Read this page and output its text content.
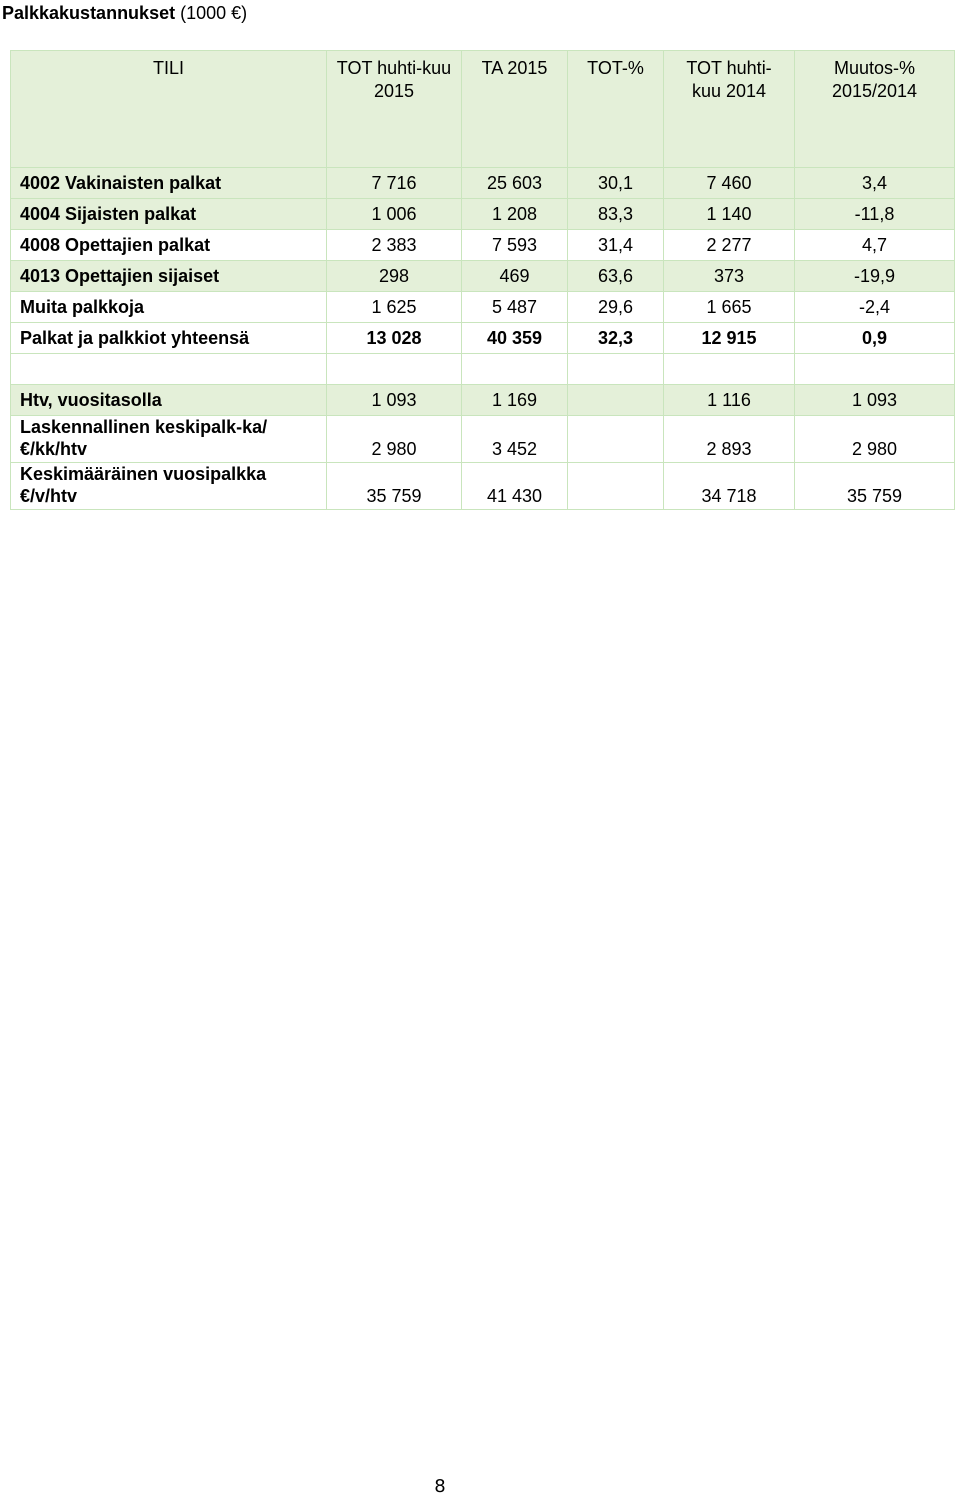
Palkkakustannukset (1000 €)
TILI	TOT huhti-kuu 2015	TA 2015	TOT-%	TOT huhti-kuu 2014	Muutos-% 2015/2014
4002 Vakinaisten palkat	7 716	25 603	30,1	7 460	3,4
4004 Sijaisten palkat	1 006	1 208	83,3	1 140	-11,8
4008 Opettajien palkat	2 383	7 593	31,4	2 277	4,7
4013 Opettajien sijaiset	298	469	63,6	373	-19,9
Muita palkkoja	1 625	5 487	29,6	1 665	-2,4
Palkat ja palkkiot yhteensä	13 028	40 359	32,3	12 915	0,9

Htv, vuositasolla	1 093	1 169		1 116	1 093
Laskennallinen keskipalk-ka/€/kk/htv	2 980	3 452		2 893	2 980
Keskimääräinen vuosipalkka €/v/htv	35 759	41 430		34 718	35 759
8
